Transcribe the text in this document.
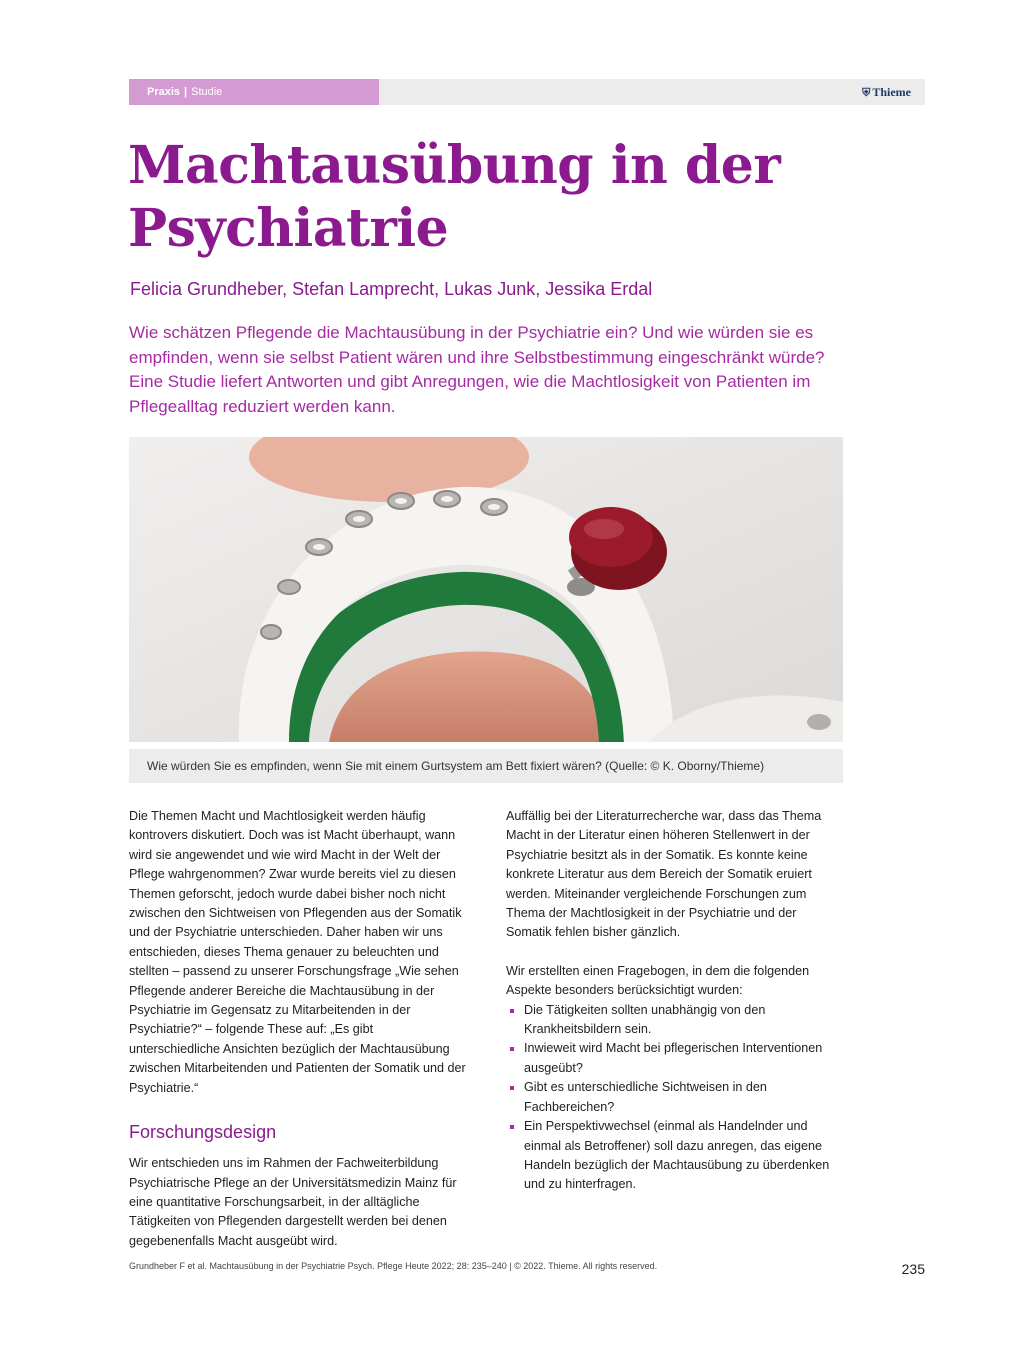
Praxis | Studie	⛨ Thieme
Machtausübung in der
Psychiatrie
Felicia Grundheber, Stefan Lamprecht, Lukas Junk, Jessika Erdal
Wie schätzen Pflegende die Machtausübung in der Psychiatrie ein? Und wie würden sie es empfinden, wenn sie selbst Patient wären und ihre Selbstbestimmung eingeschränkt würde? Eine Studie liefert Antworten und gibt Anregungen, wie die Machtlosigkeit von Patienten im Pflegealltag reduziert werden kann.
Wie würden Sie es empfinden, wenn Sie mit einem Gurtsystem am Bett fixiert wären? (Quelle: © K. Oborny/Thieme)

Die Themen Macht und Machtlosigkeit werden häufig kontrovers diskutiert. Doch was ist Macht überhaupt, wann wird sie angewendet und wie wird Macht in der Welt der Pflege wahrgenommen? Zwar wurde bereits viel zu diesen Themen geforscht, jedoch wurde dabei bisher noch nicht zwischen den Sichtweisen von Pflegenden aus der Somatik und der Psychiatrie unterschieden. Daher haben wir uns entschieden, dieses Thema genauer zu beleuchten und stellten – passend zu unserer Forschungsfrage „Wie sehen Pflegende anderer Bereiche die Machtausübung in der Psychiatrie im Gegensatz zu Mitarbeitenden in der Psychiatrie?“ – folgende These auf: „Es gibt unterschiedliche Ansichten bezüglich der Machtausübung zwischen Mitarbeitenden und Patienten der Somatik und der Psychiatrie.“

Forschungsdesign

Wir entschieden uns im Rahmen der Fachweiterbildung Psychiatrische Pflege an der Universitätsmedizin Mainz für eine quantitative Forschungsarbeit, in der alltägliche Tätigkeiten von Pflegenden dargestellt werden bei denen gegebenenfalls Macht ausgeübt wird.

Auffällig bei der Literaturrecherche war, dass das Thema Macht in der Literatur einen höheren Stellenwert in der Psychiatrie besitzt als in der Somatik. Es konnte keine konkrete Literatur aus dem Bereich der Somatik eruiert werden. Miteinander vergleichende Forschungen zum Thema der Machtlosigkeit in der Psychiatrie und der Somatik fehlen bisher gänzlich.

Wir erstellten einen Fragebogen, in dem die folgenden Aspekte besonders berücksichtigt wurden:

Die Tätigkeiten sollten unabhängig von den Krankheitsbildern sein.
Inwieweit wird Macht bei pflegerischen Interventionen ausgeübt?
Gibt es unterschiedliche Sichtweisen in den Fachbereichen?
Ein Perspektivwechsel (einmal als Handelnder und einmal als Betroffener) soll dazu anregen, das eigene Handeln bezüglich der Machtausübung zu überdenken und zu hinterfragen.
Grundheber F et al. Machtausübung in der Psychiatrie Psych. Pflege Heute 2022; 28: 235–240 | © 2022. Thieme. All rights reserved.	235
